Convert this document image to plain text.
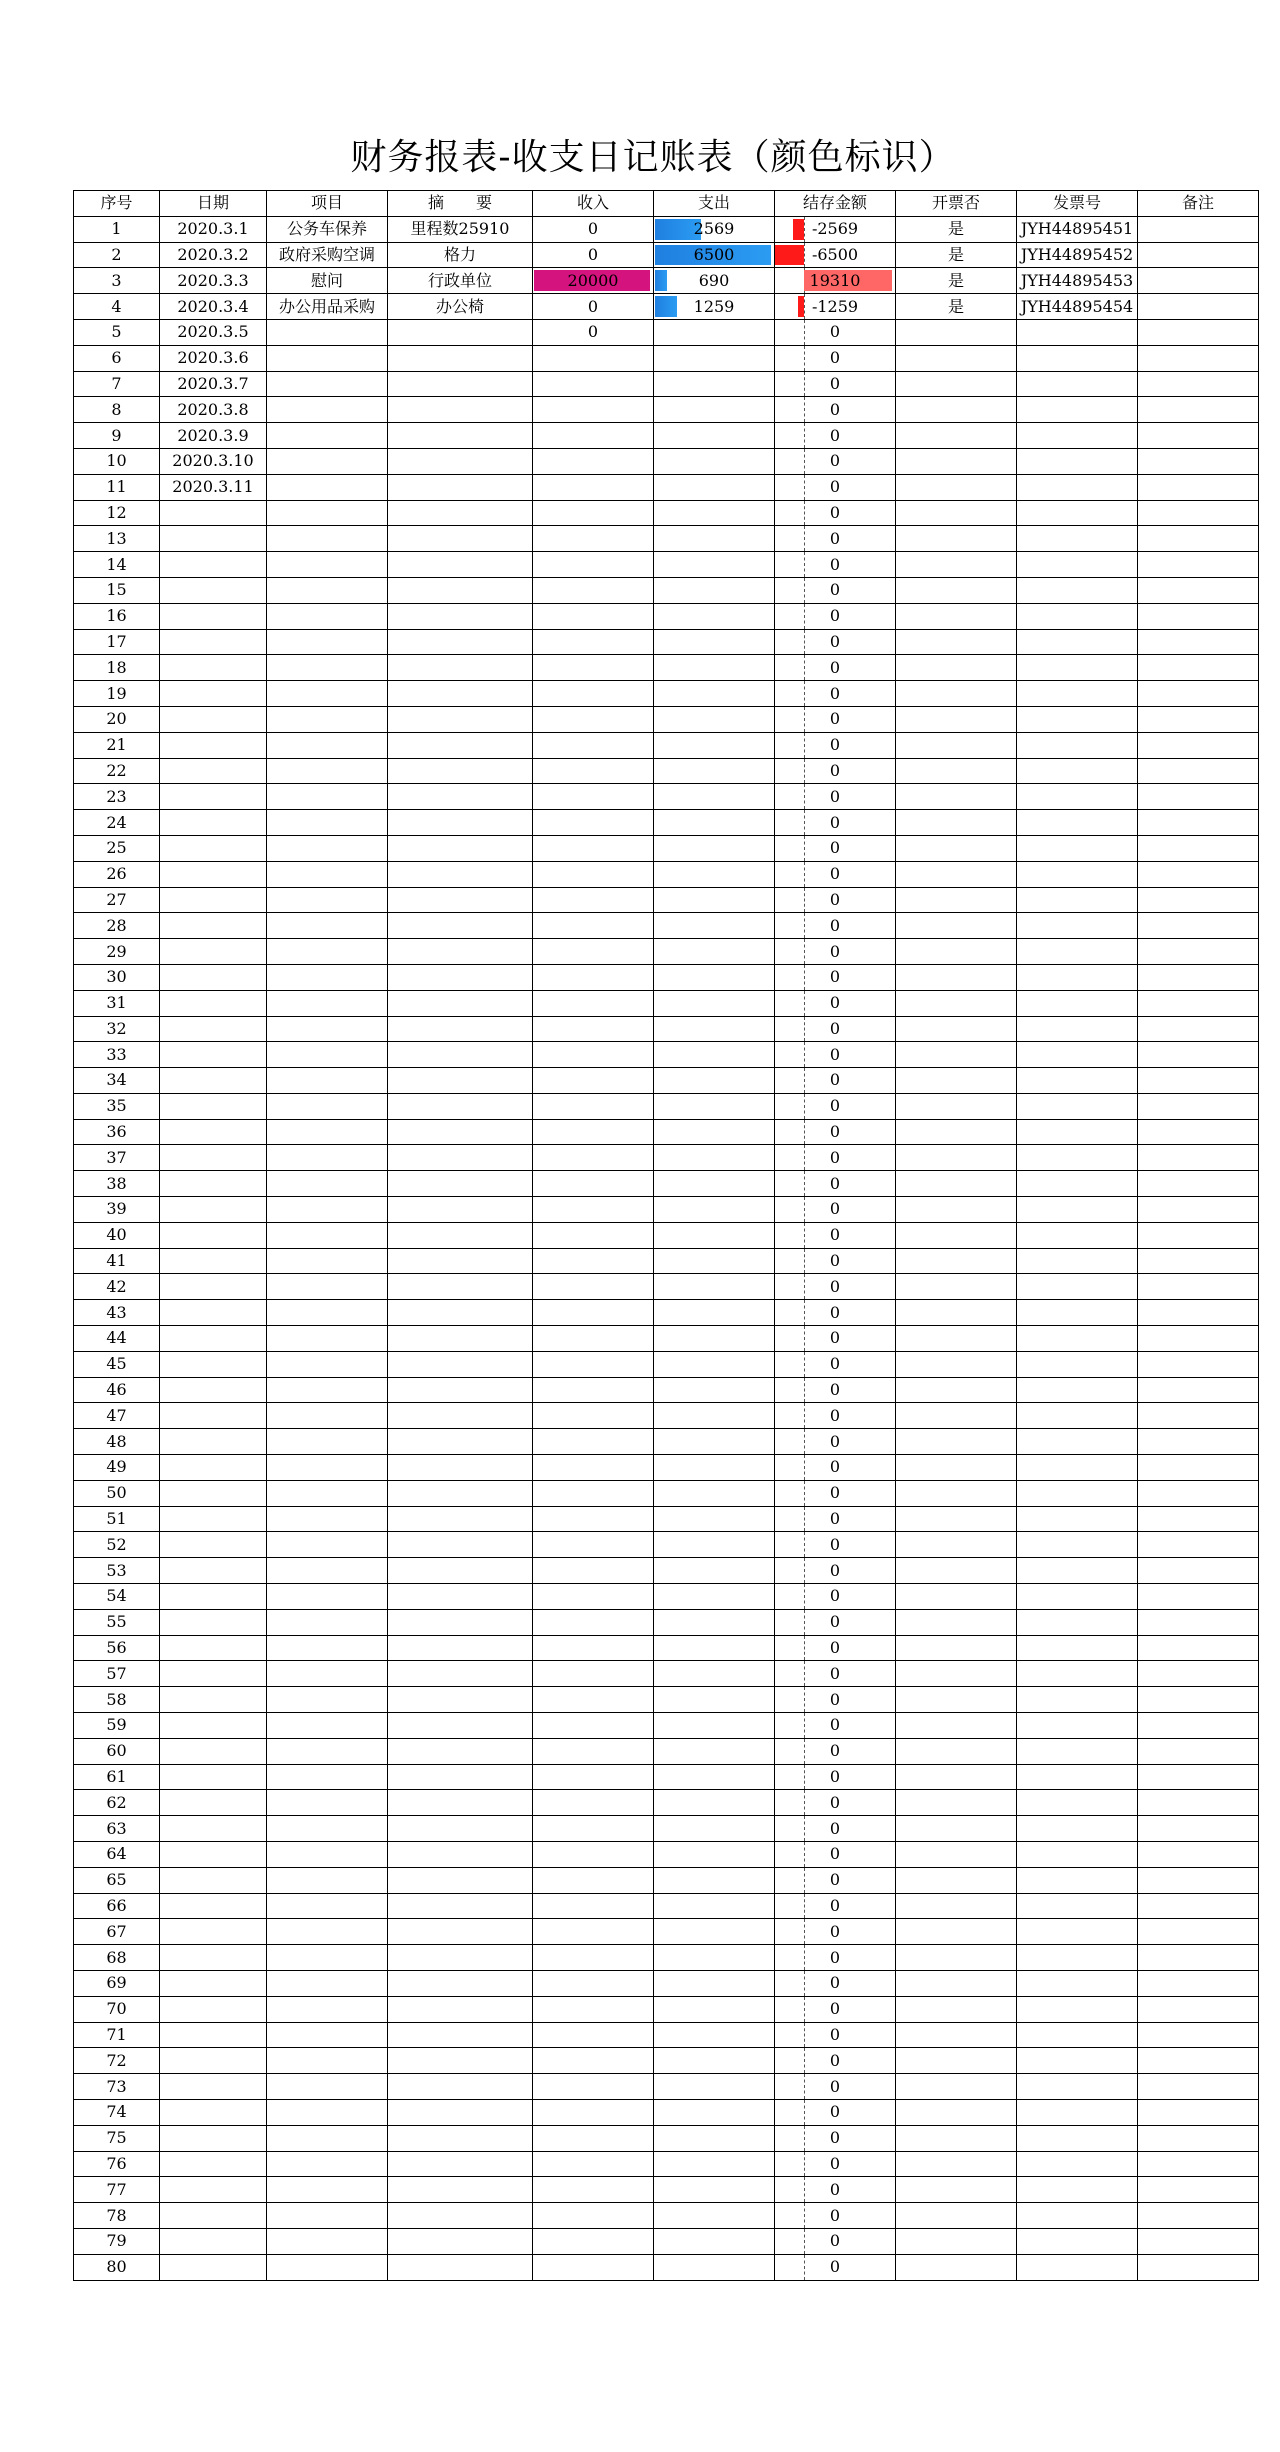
财务报表-收支日记账表（颜色标识）
序号	日期	项目	摘　　要	收入	支出	结存金额	开票否	发票号	备注
1	2020.3.1	公务车保养	里程数25910	0	2569	-2569	是	JYH44895451	
2	2020.3.2	政府采购空调	格力	0	6500	-6500	是	JYH44895452	
3	2020.3.3	慰问	行政单位	20000	690	19310	是	JYH44895453	
4	2020.3.4	办公用品采购	办公椅	0	1259	-1259	是	JYH44895454	
5	2020.3.5			0		0			
6	2020.3.6					0			
7	2020.3.7					0			
8	2020.3.8					0			
9	2020.3.9					0			
10	2020.3.10					0			
11	2020.3.11					0			
12						0			
13						0			
14						0			
15						0			
16						0			
17						0			
18						0			
19						0			
20						0			
21						0			
22						0			
23						0			
24						0			
25						0			
26						0			
27						0			
28						0			
29						0			
30						0			
31						0			
32						0			
33						0			
34						0			
35						0			
36						0			
37						0			
38						0			
39						0			
40						0			
41						0			
42						0			
43						0			
44						0			
45						0			
46						0			
47						0			
48						0			
49						0			
50						0			
51						0			
52						0			
53						0			
54						0			
55						0			
56						0			
57						0			
58						0			
59						0			
60						0			
61						0			
62						0			
63						0			
64						0			
65						0			
66						0			
67						0			
68						0			
69						0			
70						0			
71						0			
72						0			
73						0			
74						0			
75						0			
76						0			
77						0			
78						0			
79						0			
80						0			
